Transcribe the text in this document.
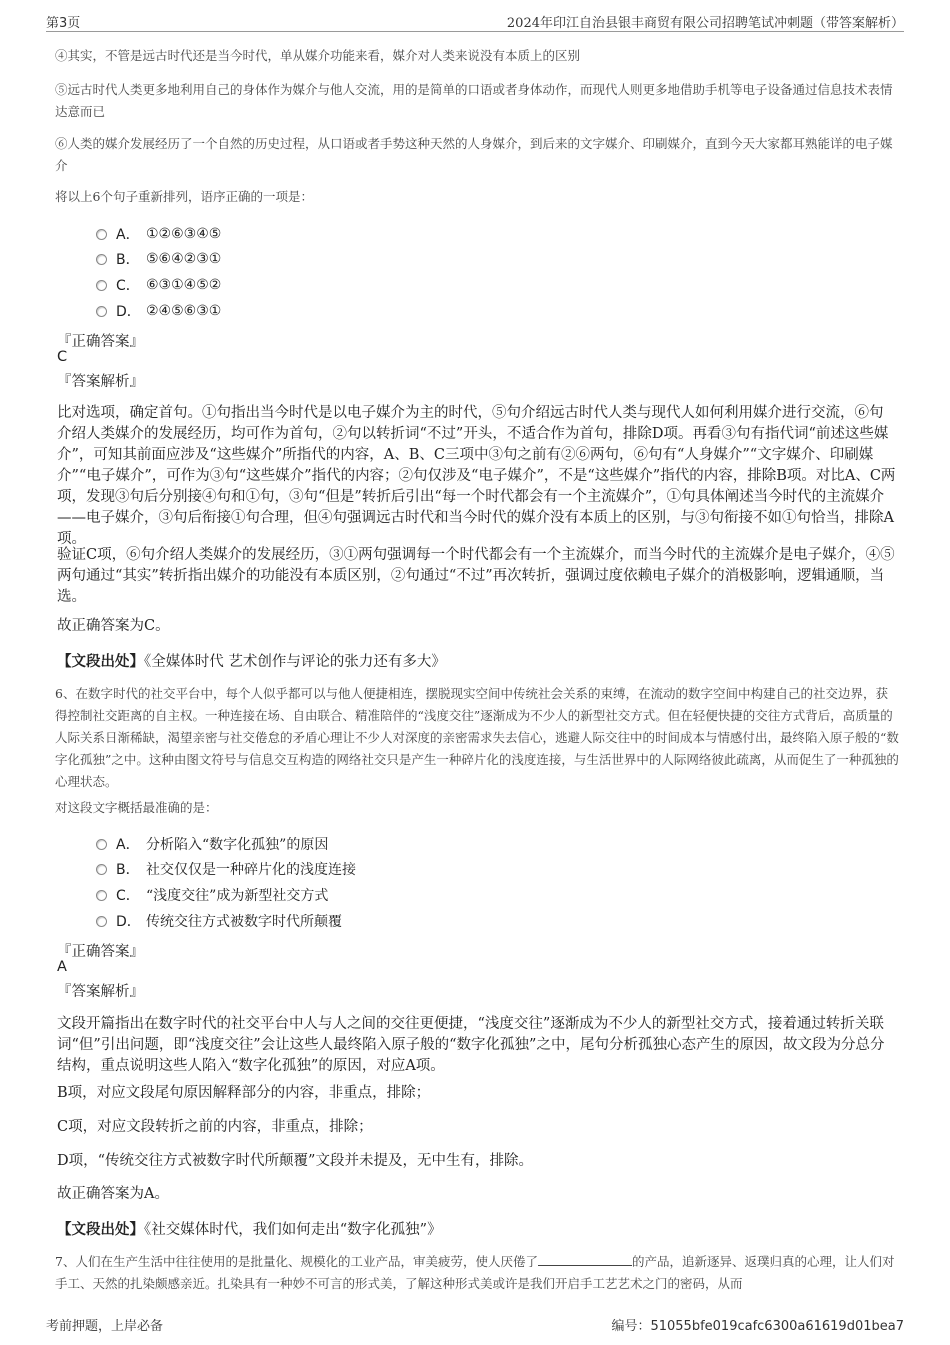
第3页	2024年印江自治县银丰商贸有限公司招聘笔试冲刺题（带答案解析）
④其实，不管是远古时代还是当今时代，单从媒介功能来看，媒介对人类来说没有本质上的区别
⑤远古时代人类更多地利用自己的身体作为媒介与他人交流，用的是简单的口语或者身体动作，而现代人则更多地借助手机等电子设备通过信息技术表情达意而已
⑥人类的媒介发展经历了一个自然的历史过程，从口语或者手势这种天然的人身媒介，到后来的文字媒介、印刷媒介，直到今天大家都耳熟能详的电子媒介
将以上6个句子重新排列，语序正确的一项是：
A． ①②⑥③④⑤
B． ⑤⑥④②③①
C． ⑥③①④⑤②
D． ②④⑤⑥③①
『正确答案』
C
『答案解析』
比对选项，确定首句。①句指出当今时代是以电子媒介为主的时代，⑤句介绍远古时代人类与现代人如何利用媒介进行交流，⑥句介绍人类媒介的发展经历，均可作为首句，②句以转折词“不过”开头，不适合作为首句，排除D项。再看③句有指代词“前述这些媒介”，可知其前面应涉及“这些媒介”所指代的内容，A、B、C三项中③句之前有②⑥两句，⑥句有“人身媒介”“文字媒介、印刷媒介”“电子媒介”，可作为③句“这些媒介”指代的内容；②句仅涉及“电子媒介”，不是“这些媒介”指代的内容，排除B项。对比A、C两项，发现③句后分别接④句和①句，③句“但是”转折后引出“每一个时代都会有一个主流媒介”，①句具体阐述当今时代的主流媒介——电子媒介，③句后衔接①句合理，但④句强调远古时代和当今时代的媒介没有本质上的区别，与③句衔接不如①句恰当，排除A项。
验证C项，⑥句介绍人类媒介的发展经历，③①两句强调每一个时代都会有一个主流媒介，而当今时代的主流媒介是电子媒介，④⑤两句通过“其实”转折指出媒介的功能没有本质区别，②句通过“不过”再次转折，强调过度依赖电子媒介的消极影响，逻辑通顺，当选。
故正确答案为C。
【文段出处】《全媒体时代 艺术创作与评论的张力还有多大》
6、在数字时代的社交平台中，每个人似乎都可以与他人便捷相连，摆脱现实空间中传统社会关系的束缚，在流动的数字空间中构建自己的社交边界，获得控制社交距离的自主权。一种连接在场、自由联合、精准陪伴的“浅度交往”逐渐成为不少人的新型社交方式。但在轻便快捷的交往方式背后，高质量的人际关系日渐稀缺，渴望亲密与社交倦怠的矛盾心理让不少人对深度的亲密需求失去信心，逃避人际交往中的时间成本与情感付出，最终陷入原子般的“数字化孤独”之中。这种由图文符号与信息交互构造的网络社交只是产生一种碎片化的浅度连接，与生活世界中的人际网络彼此疏离，从而促生了一种孤独的心理状态。
对这段文字概括最准确的是：
A． 分析陷入“数字化孤独”的原因
B． 社交仅仅是一种碎片化的浅度连接
C． “浅度交往”成为新型社交方式
D． 传统交往方式被数字时代所颠覆
『正确答案』
A
『答案解析』
文段开篇指出在数字时代的社交平台中人与人之间的交往更便捷，“浅度交往”逐渐成为不少人的新型社交方式，接着通过转折关联词“但”引出问题，即“浅度交往”会让这些人最终陷入原子般的“数字化孤独”之中，尾句分析孤独心态产生的原因，故文段为分总分结构，重点说明这些人陷入“数字化孤独”的原因，对应A项。
B项，对应文段尾句原因解释部分的内容，非重点，排除；
C项，对应文段转折之前的内容，非重点，排除；
D项，“传统交往方式被数字时代所颠覆”文段并未提及，无中生有，排除。
故正确答案为A。
【文段出处】《社交媒体时代，我们如何走出“数字化孤独”》
7、人们在生产生活中往往使用的是批量化、规模化的工业产品，审美疲劳，使人厌倦了	的产品，追新逐异、返璞归真的心理，让人们对手工、天然的扎染颇感亲近。扎染具有一种妙不可言的形式美，了解这种形式美或许是我们开启手工艺艺术之门的密码，从而
考前押题，上岸必备	编号：51055bfe019cafc6300a61619d01bea7
